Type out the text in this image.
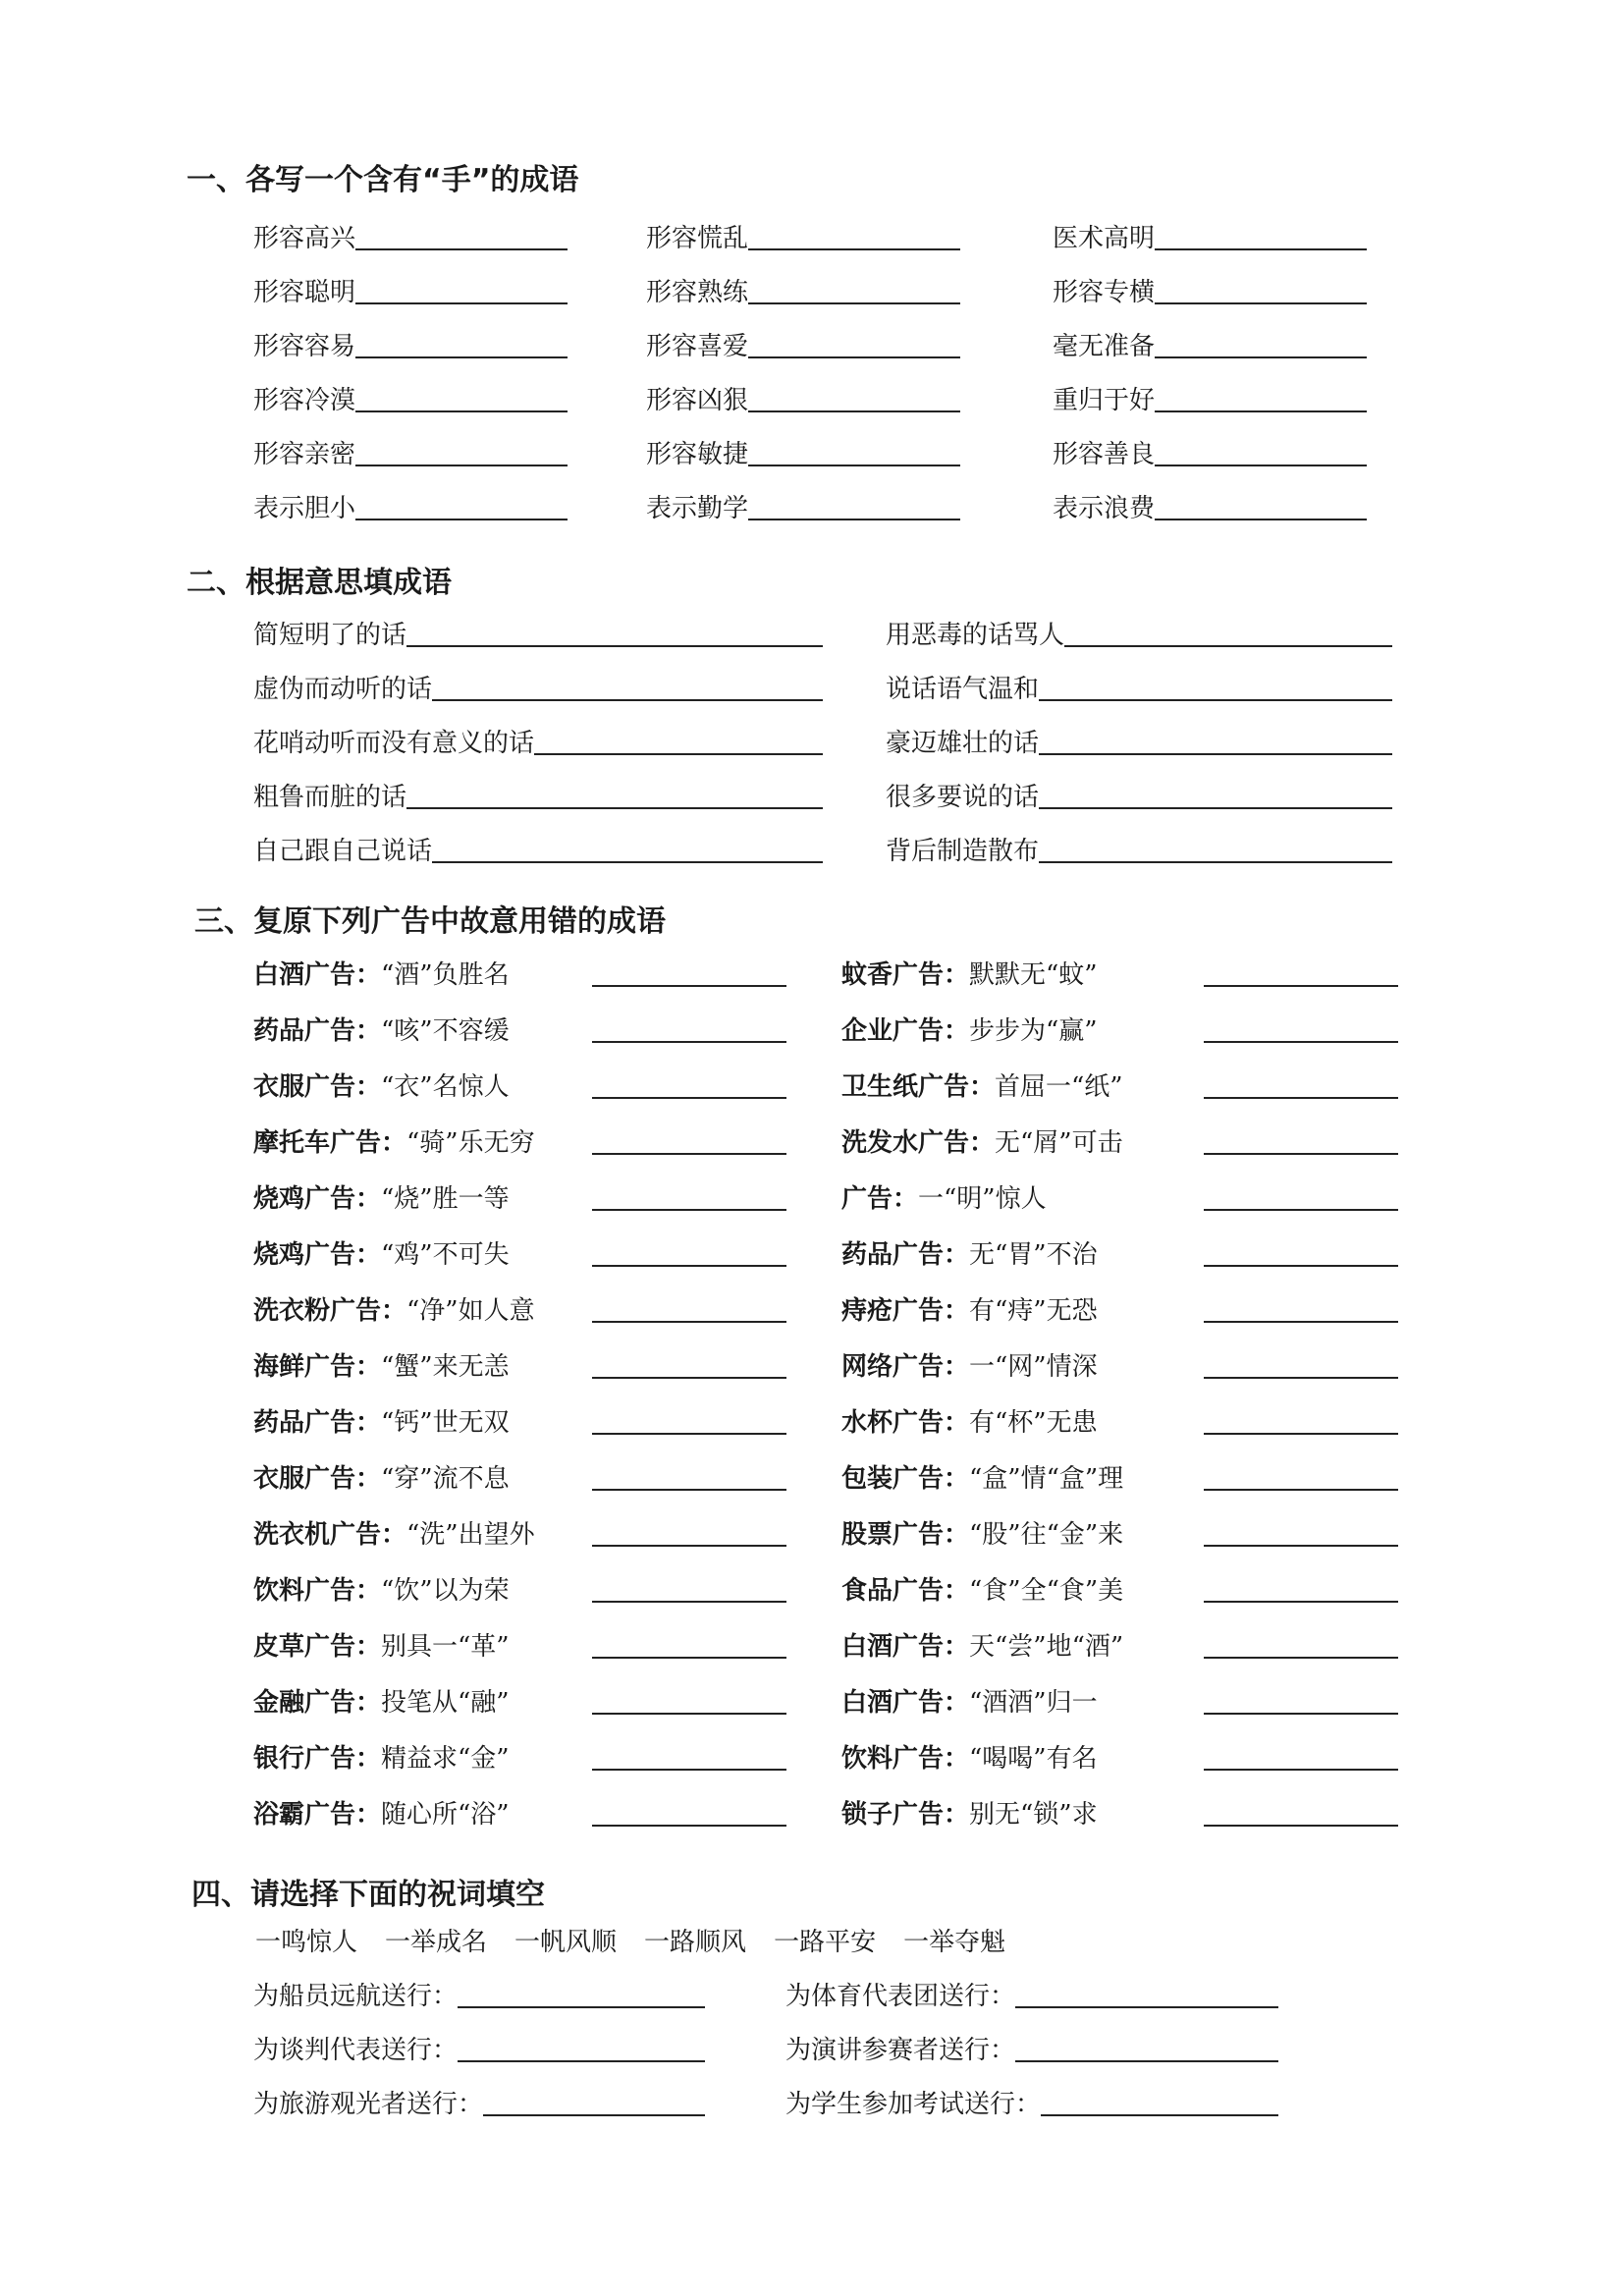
一、各写一个含有“手”的成语
形容高兴
形容聪明
形容容易
形容冷漠
形容亲密
表示胆小
形容慌乱
形容熟练
形容喜爱
形容凶狠
形容敏捷
表示勤学
医术高明
形容专横
毫无准备
重归于好
形容善良
表示浪费
二、根据意思填成语
简短明了的话
虚伪而动听的话
花哨动听而没有意义的话
粗鲁而脏的话
自己跟自己说话
用恶毒的话骂人
说话语气温和
豪迈雄壮的话
很多要说的话
背后制造散布
三、复原下列广告中故意用错的成语
白酒广告： “酒”负胜名
药品广告： “咳”不容缓
衣服广告： “衣”名惊人
摩托车广告： “骑”乐无穷
烧鸡广告： “烧”胜一等
烧鸡广告： “鸡”不可失
洗衣粉广告： “净”如人意
海鲜广告： “蟹”来无恙
药品广告： “钙”世无双
衣服广告： “穿”流不息
洗衣机广告： “洗”出望外
饮料广告： “饮”以为荣
皮草广告： 别具一“革”
金融广告： 投笔从“融”
银行广告： 精益求“金”
浴霸广告： 随心所“浴”
蚊香广告： 默默无“蚊”
企业广告： 步步为“赢”
卫生纸广告： 首屈一“纸”
洗发水广告： 无“屑”可击
广告： 一“明”惊人
药品广告： 无“胃”不治
痔疮广告： 有“痔”无恐
网络广告： 一“网”情深
水杯广告： 有“杯”无患
包装广告： “盒”情“盒”理
股票广告： “股”往“金”来
食品广告： “食”全“食”美
白酒广告： 天“尝”地“酒”
白酒广告： “酒酒”归一
饮料广告： “喝喝”有名
锁子广告： 别无“锁”求
四、请选择下面的祝词填空
一鸣惊人 一举成名 一帆风顺 一路顺风 一路平安 一举夺魁
为船员远航送行：
为谈判代表送行：
为旅游观光者送行：
为体育代表团送行：
为演讲参赛者送行：
为学生参加考试送行：
